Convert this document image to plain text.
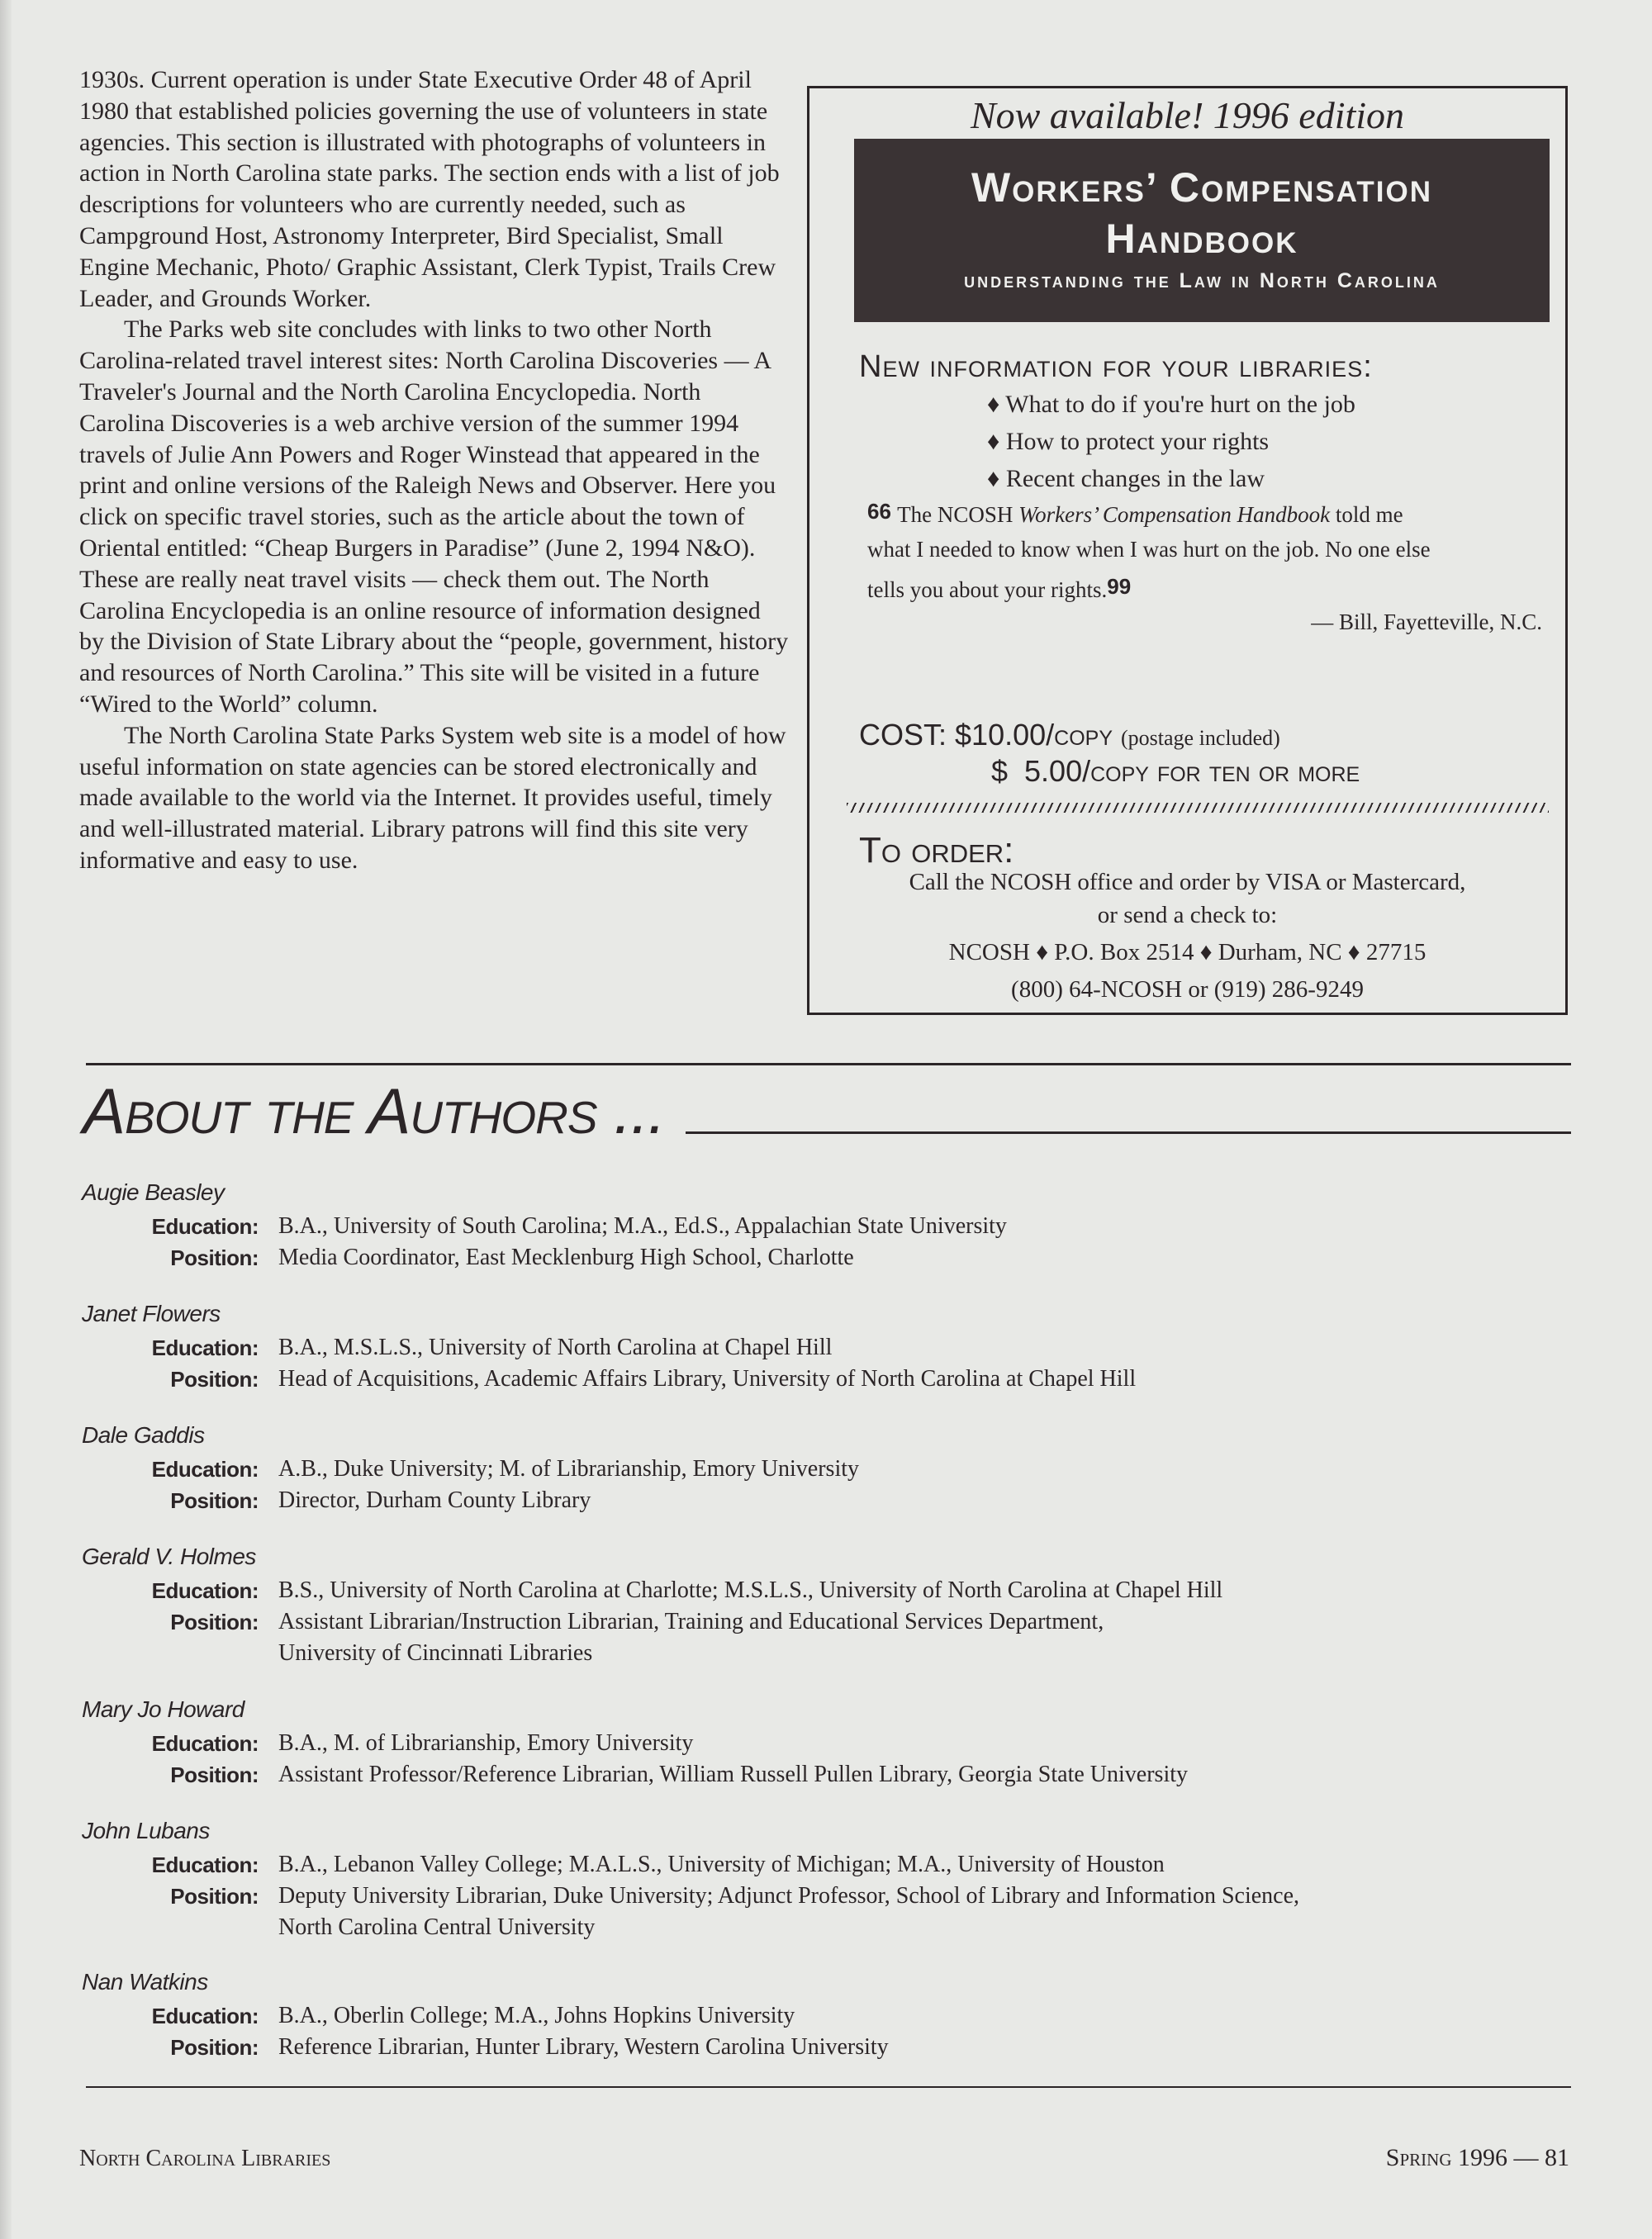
1930s. Current operation is under State Executive Order 48 of April 1980 that established policies governing the use of volunteers in state agencies. This section is illustrated with photographs of volunteers in action in North Carolina state parks. The section ends with a list of job descriptions for volunteers who are currently needed, such as Campground Host, Astronomy Interpreter, Bird Specialist, Small Engine Mechanic, Photo/ Graphic Assistant, Clerk Typist, Trails Crew Leader, and Grounds Worker.

The Parks web site concludes with links to two other North Carolina-related travel interest sites: North Carolina Discoveries — A Traveler's Journal and the North Carolina Encyclopedia. North Carolina Discoveries is a web archive version of the summer 1994 travels of Julie Ann Powers and Roger Winstead that appeared in the print and online versions of the Raleigh News and Observer. Here you click on specific travel stories, such as the article about the town of Oriental entitled: “Cheap Burgers in Paradise” (June 2, 1994 N&O). These are really neat travel visits — check them out. The North Carolina Encyclopedia is an online resource of information designed by the Division of State Library about the “people, government, history and resources of North Carolina.” This site will be visited in a future “Wired to the World” column.

The North Carolina State Parks System web site is a model of how useful information on state agencies can be stored electronically and made available to the world via the Internet. It provides useful, timely and well-illustrated material. Library patrons will find this site very informative and easy to use.

Now available! 1996 edition
New information for your libraries:
♦ What to do if you're hurt on the job
♦ How to protect your rights
♦ Recent changes in the law
66 The NCOSH Workers’ Compensation Handbook told me
what I needed to know when I was hurt on the job. No one else
tells you about your rights.99
— Bill, Fayetteville, N.C.
COST: $10.00/copy (postage included)
$  5.00/copy for ten or more
To order:
Call the NCOSH office and order by VISA or Mastercard,
or send a check to:
NCOSH ♦ P.O. Box 2514 ♦ Durham, NC ♦ 27715
(800) 64-NCOSH or (919) 286-9249
Workers’ Compensation
Handbook
understanding the Law in North Carolina
About the Authors ...
Augie Beasley
Education: B.A., University of South Carolina; M.A., Ed.S., Appalachian State University
Position: Media Coordinator, East Mecklenburg High School, Charlotte
Janet Flowers
Education: B.A., M.S.L.S., University of North Carolina at Chapel Hill
Position: Head of Acquisitions, Academic Affairs Library, University of North Carolina at Chapel Hill
Dale Gaddis
Education: A.B., Duke University; M. of Librarianship, Emory University
Position: Director, Durham County Library
Gerald V. Holmes
Education: B.S., University of North Carolina at Charlotte; M.S.L.S., University of North Carolina at Chapel Hill
Position: Assistant Librarian/Instruction Librarian, Training and Educational Services Department,
University of Cincinnati Libraries
Mary Jo Howard
Education: B.A., M. of Librarianship, Emory University
Position: Assistant Professor/Reference Librarian, William Russell Pullen Library, Georgia State University
John Lubans
Education: B.A., Lebanon Valley College; M.A.L.S., University of Michigan; M.A., University of Houston
Position: Deputy University Librarian, Duke University; Adjunct Professor, School of Library and Information Science,
North Carolina Central University
Nan Watkins
Education: B.A., Oberlin College; M.A., Johns Hopkins University
Position: Reference Librarian, Hunter Library, Western Carolina University
North Carolina Libraries	Spring 1996 — 81
